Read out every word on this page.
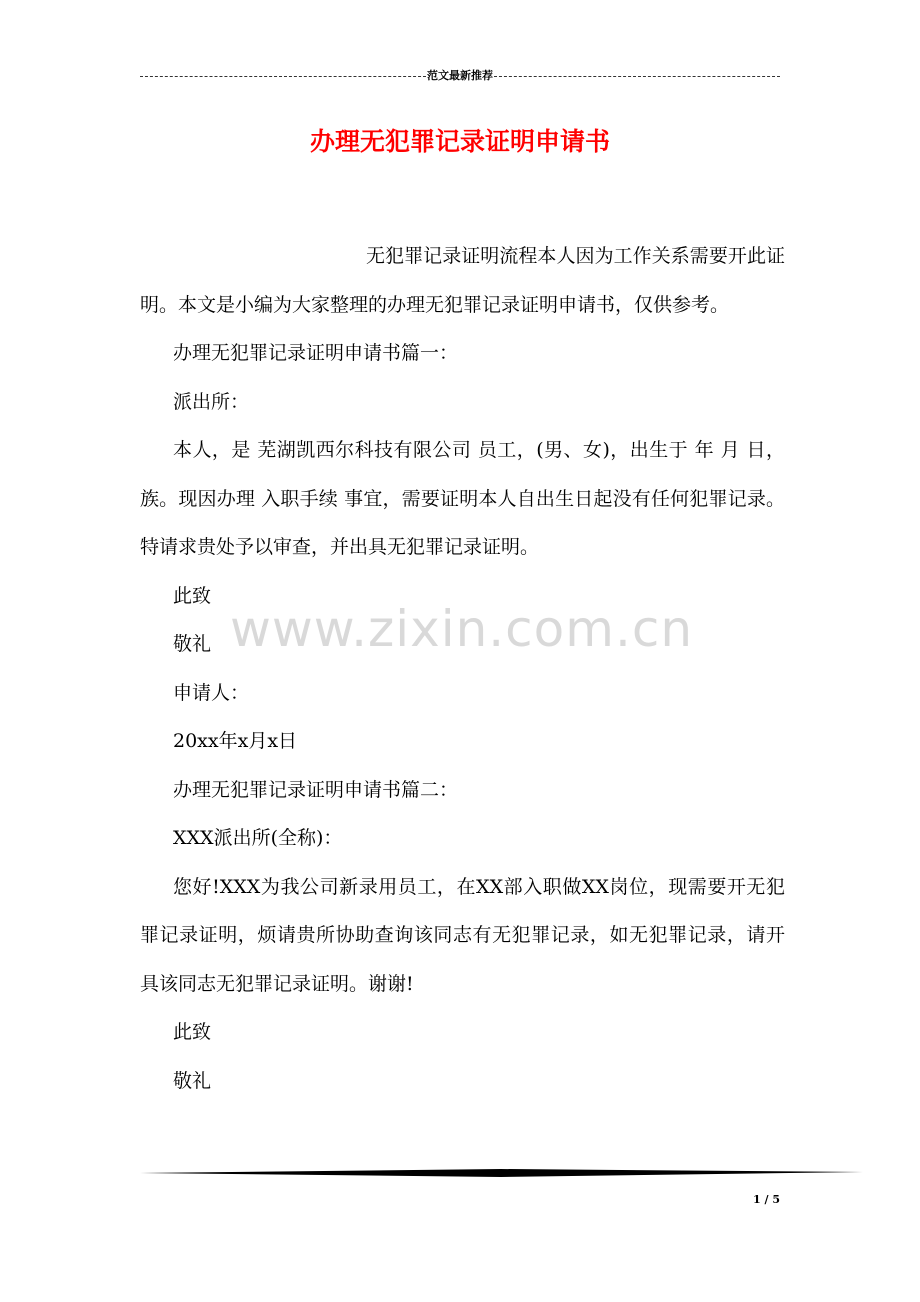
范文最新推荐
办理无犯罪记录证明申请书

无犯罪记录证明流程本人因为工作关系需要开此证明。本文是小编为大家整理的办理无犯罪记录证明申请书，仅供参考。

办理无犯罪记录证明申请书篇一：

派出所：

本人，是 芜湖凯西尔科技有限公司 员工，(男、女)，出生于 年 月 日， 族。现因办理 入职手续 事宜，需要证明本人自出生日起没有任何犯罪记录。特请求贵处予以审查，并出具无犯罪记录证明。

此致

敬礼

申请人：

20xx年x月x日

办理无犯罪记录证明申请书篇二：

XXX派出所(全称)：

您好!XXX为我公司新录用员工，在XX部入职做XX岗位，现需要开无犯罪记录证明，烦请贵所协助查询该同志有无犯罪记录，如无犯罪记录，请开具该同志无犯罪记录证明。谢谢!

此致

敬礼

www.zixin.com.cn
1 / 5
